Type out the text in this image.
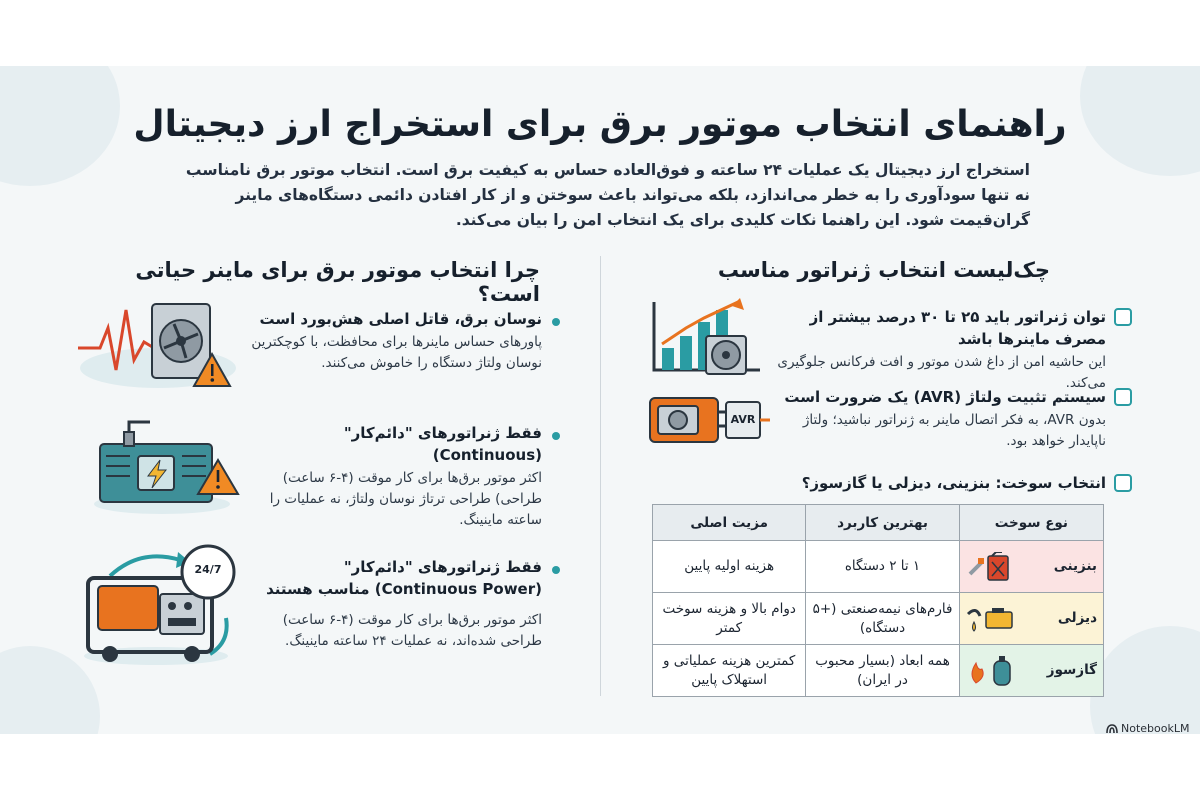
راهنمای انتخاب موتور برق برای استخراج ارز دیجیتال
استخراج ارز دیجیتال یک عملیات ۲۴ ساعته و فوق‌العاده حساس به کیفیت برق است. انتخاب موتور برق نامناسب نه تنها سودآوری را به خطر می‌اندازد، بلکه می‌تواند باعث سوختن و از کار افتادن دائمی دستگاه‌های ماینر گران‌قیمت شود. این راهنما نکات کلیدی برای یک انتخاب امن را بیان می‌کند.
چرا انتخاب موتور برق برای ماینر حیاتی است؟
نوسان برق، قاتل اصلی هش‌بورد است
پاورهای حساس ماینرها برای محافظت، با کوچکترین نوسان ولتاژ دستگاه را خاموش می‌کنند.
فقط ژنراتورهای "دائم‌کار" (Continuous)
اکثر موتور برق‌ها برای کار موقت (۴-۶ ساعت) طراحی) طراحی ترتاژ نوسان ولتاژ، نه عملیات را ساعته ماینینگ.
24/7	فقط ژنراتورهای "دائم‌کار" (Continuous Power) مناسب هستند
اکثر موتور برق‌ها برای کار موقت (۴-۶ ساعت) طراحی شده‌اند، نه عملیات ۲۴ ساعته ماینینگ.
چک‌لیست انتخاب ژنراتور مناسب
توان ژنراتور باید ۲۵ تا ۳۰ درصد بیشتر از مصرف ماینرها باشد
این حاشیه امن از داغ شدن موتور و افت فرکانس جلوگیری می‌کند.
AVR
سیستم تثبیت ولتاژ (AVR) یک ضرورت است
بدون AVR، به فکر اتصال ماینر به ژنراتور نباشید؛ ولتاژ ناپایدار خواهد بود.
انتخاب سوخت: بنزینی، دیزلی یا گازسوز؟
نوع سوخت	بهترین کاربرد	مزیت اصلی

بنزینی	۱ تا ۲ دستگاه	هزینه اولیه پایین

دیزلی	فارم‌های نیمه‌صنعتی (+۵ دستگاه)	دوام بالا و هزینه سوخت کمتر

گازسوز	همه ابعاد (بسیار محبوب در ایران)	کمترین هزینه عملیاتی و استهلاک پایین
NotebookLM
